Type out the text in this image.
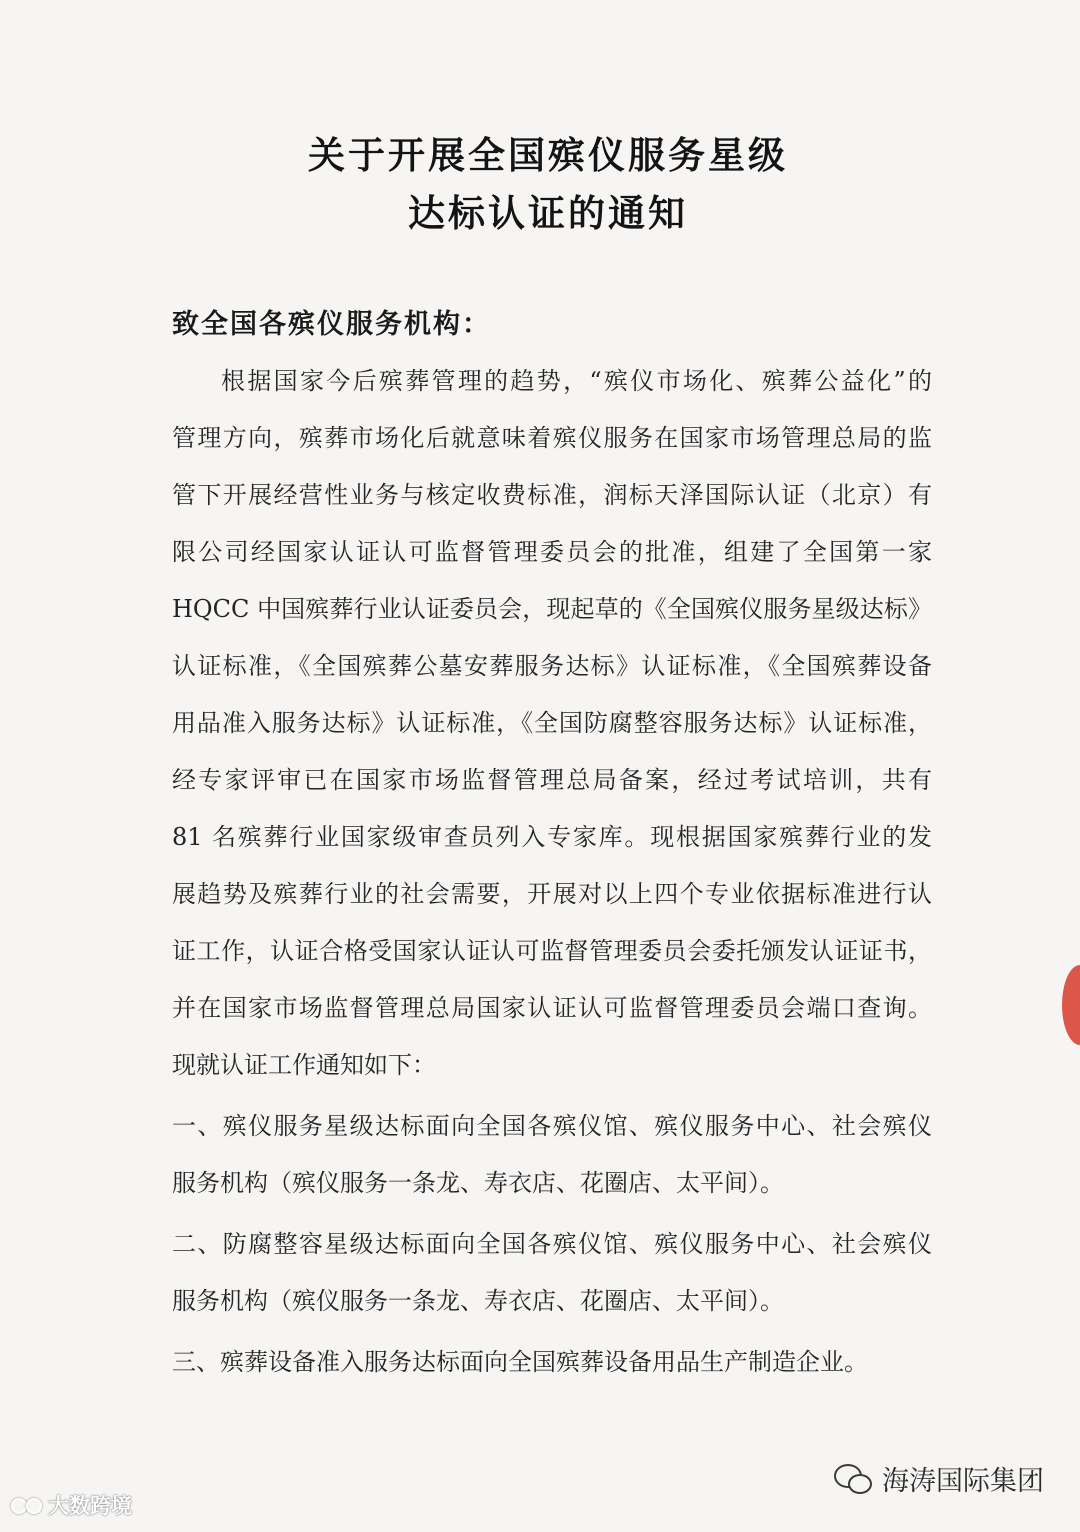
关于开展全国殡仪服务星级
达标认证的通知
致全国各殡仪服务机构：
根据国家今后殡葬管理的趋势，“殡仪市场化、殡葬公益化”的
管理方向，殡葬市场化后就意味着殡仪服务在国家市场管理总局的监
管下开展经营性业务与核定收费标准，润标天泽国际认证（北京）有
限公司经国家认证认可监督管理委员会的批准，组建了全国第一家
HQCC 中国殡葬行业认证委员会，现起草的《全国殡仪服务星级达标》
认证标准，《全国殡葬公墓安葬服务达标》认证标准，《全国殡葬设备
用品准入服务达标》认证标准，《全国防腐整容服务达标》认证标准，
经专家评审已在国家市场监督管理总局备案，经过考试培训，共有
81 名殡葬行业国家级审查员列入专家库。现根据国家殡葬行业的发
展趋势及殡葬行业的社会需要，开展对以上四个专业依据标准进行认
证工作，认证合格受国家认证认可监督管理委员会委托颁发认证证书，
并在国家市场监督管理总局国家认证认可监督管理委员会端口查询。
现就认证工作通知如下：
一、殡仪服务星级达标面向全国各殡仪馆、殡仪服务中心、社会殡仪
服务机构（殡仪服务一条龙、寿衣店、花圈店、太平间）。
二、防腐整容星级达标面向全国各殡仪馆、殡仪服务中心、社会殡仪
服务机构（殡仪服务一条龙、寿衣店、花圈店、太平间）。
三、殡葬设备准入服务达标面向全国殡葬设备用品生产制造企业。
大数跨境
海涛国际集团
